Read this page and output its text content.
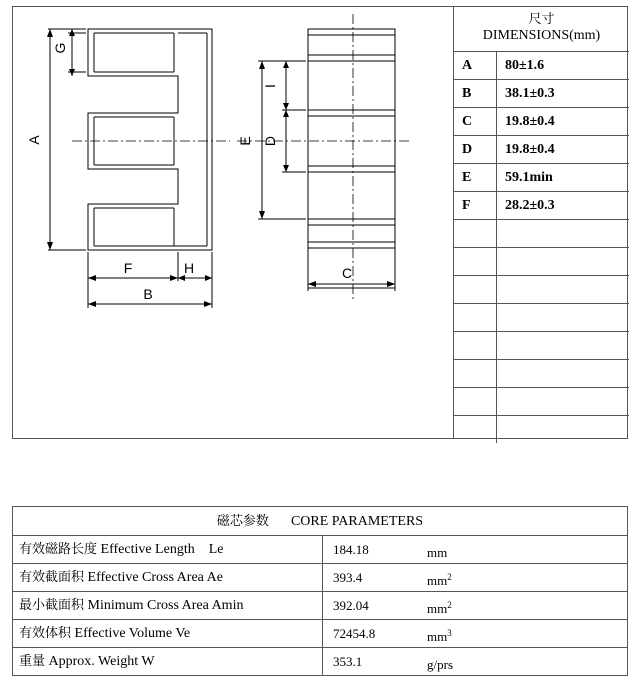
A
G
F	H
B
E D
I
C
尺寸
DIMENSIONS(mm)
A	80±1.6
B	38.1±0.3
C	19.8±0.4
D	19.8±0.4
E	59.1min
F	28.2±0.3
磁芯参数 CORE PARAMETERS
有效磁路长度 Effective Length    Le	184.18	mm
有效截面积 Effective Cross Area Ae	393.4	$mm^2$
最小截面积 Minimum Cross Area Amin	392.04	$mm^2$
有效体积 Effective Volume Ve	72454.8	$mm^3$
重量 Approx. Weight W	353.1	g/prs
